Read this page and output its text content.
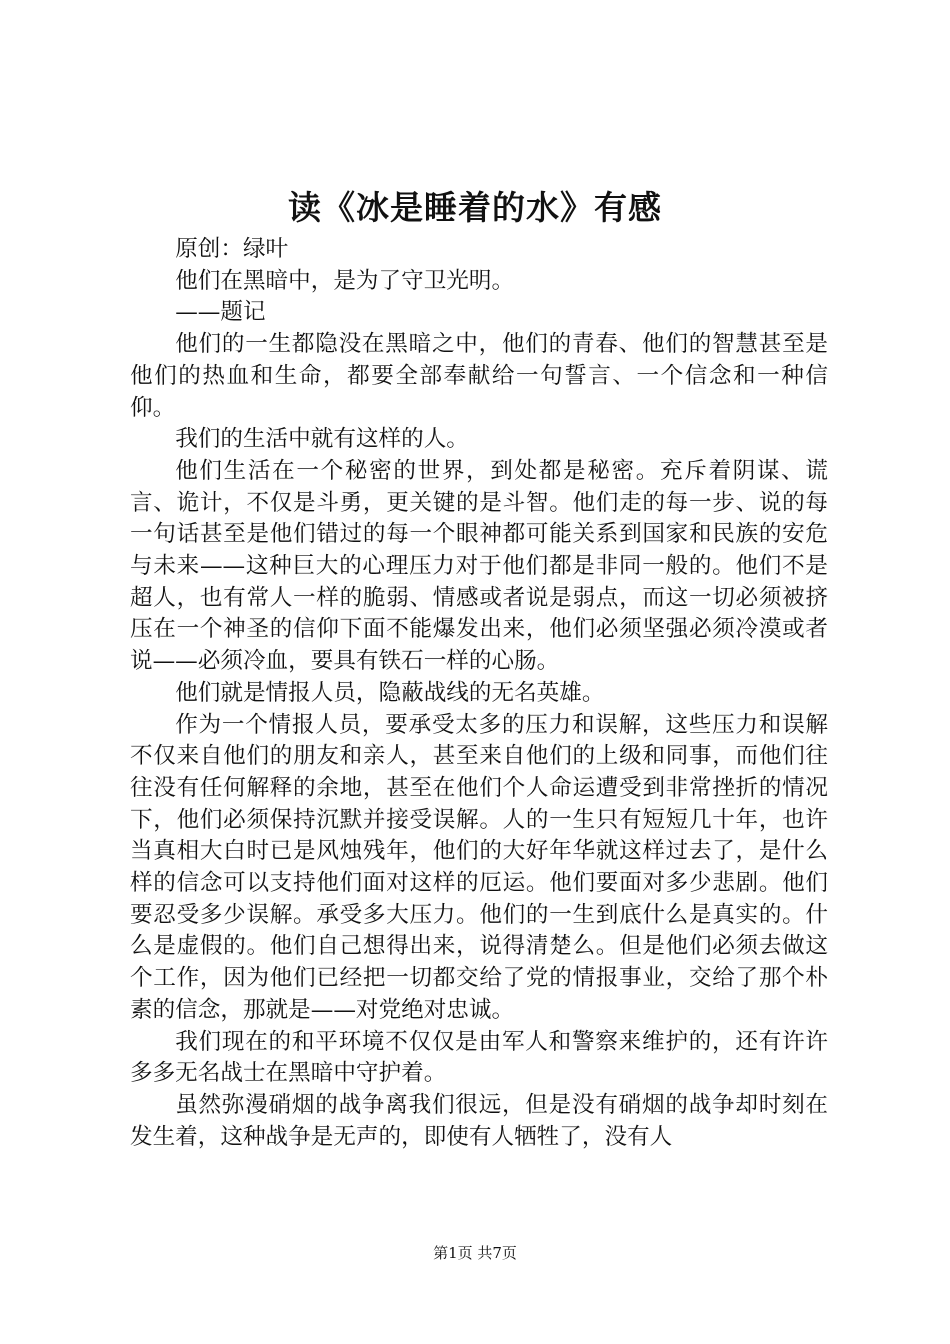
读《冰是睡着的水》有感

原创：绿叶

他们在黑暗中，是为了守卫光明。

——题记

他们的一生都隐没在黑暗之中，他们的青春、他们的智慧甚至是他们的热血和生命，都要全部奉献给一句誓言、一个信念和一种信仰。

我们的生活中就有这样的人。

他们生活在一个秘密的世界，到处都是秘密。充斥着阴谋、谎言、诡计，不仅是斗勇，更关键的是斗智。他们走的每一步、说的每一句话甚至是他们错过的每一个眼神都可能关系到国家和民族的安危与未来——这种巨大的心理压力对于他们都是非同一般的。他们不是超人，也有常人一样的脆弱、情感或者说是弱点，而这一切必须被挤压在一个神圣的信仰下面不能爆发出来，他们必须坚强必须冷漠或者说——必须冷血，要具有铁石一样的心肠。

他们就是情报人员，隐蔽战线的无名英雄。

作为一个情报人员，要承受太多的压力和误解，这些压力和误解不仅来自他们的朋友和亲人，甚至来自他们的上级和同事，而他们往往没有任何解释的余地，甚至在他们个人命运遭受到非常挫折的情况下，他们必须保持沉默并接受误解。人的一生只有短短几十年，也许当真相大白时已是风烛残年，他们的大好年华就这样过去了，是什么样的信念可以支持他们面对这样的厄运。他们要面对多少悲剧。他们要忍受多少误解。承受多大压力。他们的一生到底什么是真实的。什么是虚假的。他们自己想得出来，说得清楚么。但是他们必须去做这个工作，因为他们已经把一切都交给了党的情报事业，交给了那个朴素的信念，那就是——对党绝对忠诚。

我们现在的和平环境不仅仅是由军人和警察来维护的，还有许许多多无名战士在黑暗中守护着。

虽然弥漫硝烟的战争离我们很远，但是没有硝烟的战争却时刻在发生着，这种战争是无声的，即使有人牺牲了，没有人

第1页 共7页
